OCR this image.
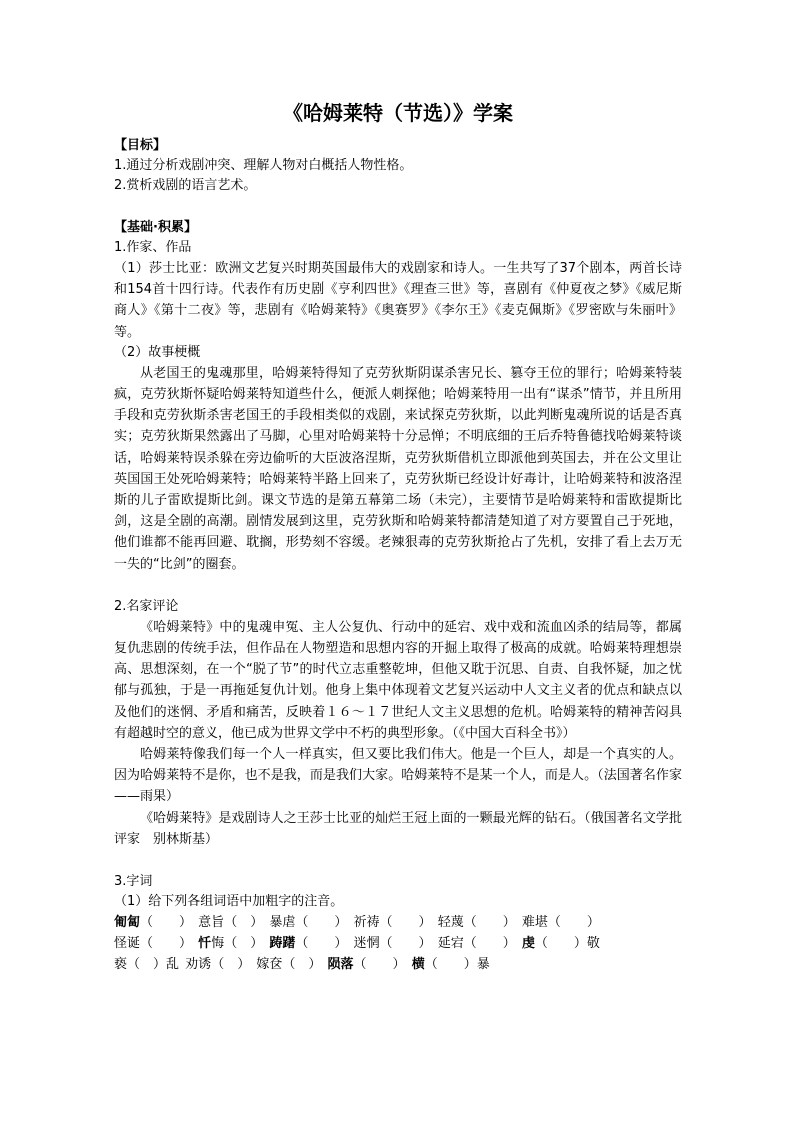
《哈姆莱特（节选）》学案

【目标】

1.通过分析戏剧冲突、理解人物对白概括人物性格。

2.赏析戏剧的语言艺术。

【基础·积累】

1.作家、作品

（1）莎士比亚：欧洲文艺复兴时期英国最伟大的戏剧家和诗人。一生共写了37个剧本，两首长诗和154首十四行诗。代表作有历史剧《亨利四世》《理查三世》等，喜剧有《仲夏夜之梦》《威尼斯商人》《第十二夜》等，悲剧有《哈姆莱特》《奥赛罗》《李尔王》《麦克佩斯》《罗密欧与朱丽叶》等。

（2）故事梗概

从老国王的鬼魂那里，哈姆莱特得知了克劳狄斯阴谋杀害兄长、篡夺王位的罪行；哈姆莱特装疯，克劳狄斯怀疑哈姆莱特知道些什么，便派人刺探他；哈姆莱特用一出有“谋杀”情节，并且所用手段和克劳狄斯杀害老国王的手段相类似的戏剧，来试探克劳狄斯，以此判断鬼魂所说的话是否真实；克劳狄斯果然露出了马脚，心里对哈姆莱特十分忌惮；不明底细的王后乔特鲁德找哈姆莱特谈话，哈姆莱特误杀躲在旁边偷听的大臣波洛涅斯，克劳狄斯借机立即派他到英国去，并在公文里让英国国王处死哈姆莱特；哈姆莱特半路上回来了，克劳狄斯已经设计好毒计，让哈姆莱特和波洛涅斯的儿子雷欧提斯比剑。课文节选的是第五幕第二场（未完），主要情节是哈姆莱特和雷欧提斯比剑，这是全剧的高潮。剧情发展到这里，克劳狄斯和哈姆莱特都清楚知道了对方要置自己于死地，他们谁都不能再回避、耽搁，形势刻不容缓。老辣狠毒的克劳狄斯抢占了先机，安排了看上去万无一失的“比剑”的圈套。

2.名家评论

《哈姆莱特》中的鬼魂申冤、主人公复仇、行动中的延宕、戏中戏和流血凶杀的结局等，都属复仇悲剧的传统手法，但作品在人物塑造和思想内容的开掘上取得了极高的成就。哈姆莱特理想崇高、思想深刻，在一个“脱了节”的时代立志重整乾坤，但他又耽于沉思、自责、自我怀疑，加之忧郁与孤独，于是一再拖延复仇计划。他身上集中体现着文艺复兴运动中人文主义者的优点和缺点以及他们的迷惘、矛盾和痛苦，反映着１６～１７世纪人文主义思想的危机。哈姆莱特的精神苦闷具有超越时空的意义，他已成为世界文学中不朽的典型形象。（《中国大百科全书》）

哈姆莱特像我们每一个人一样真实，但又要比我们伟大。他是一个巨人，却是一个真实的人。因为哈姆莱特不是你，也不是我，而是我们大家。哈姆莱特不是某一个人，而是人。（法国著名作家——雨果）

《哈姆莱特》是戏剧诗人之王莎士比亚的灿烂王冠上面的一颗最光辉的钻石。（俄国著名文学批评家　别林斯基）

3.字词

（1）给下列各组词语中加粗字的注音。

匍匐（　　） 意旨（　） 暴虐（　　） 祈祷（　　） 轻蔑（　　） 难堪（　　）
怪诞（　　） 忏悔（　） 踌躇（　　） 迷惘（　　） 延宕（　　） 虔（　　）敬
亵（　）乱 劝诱（　） 嫁奁（　） 陨落（　　） 横（　　）暴
